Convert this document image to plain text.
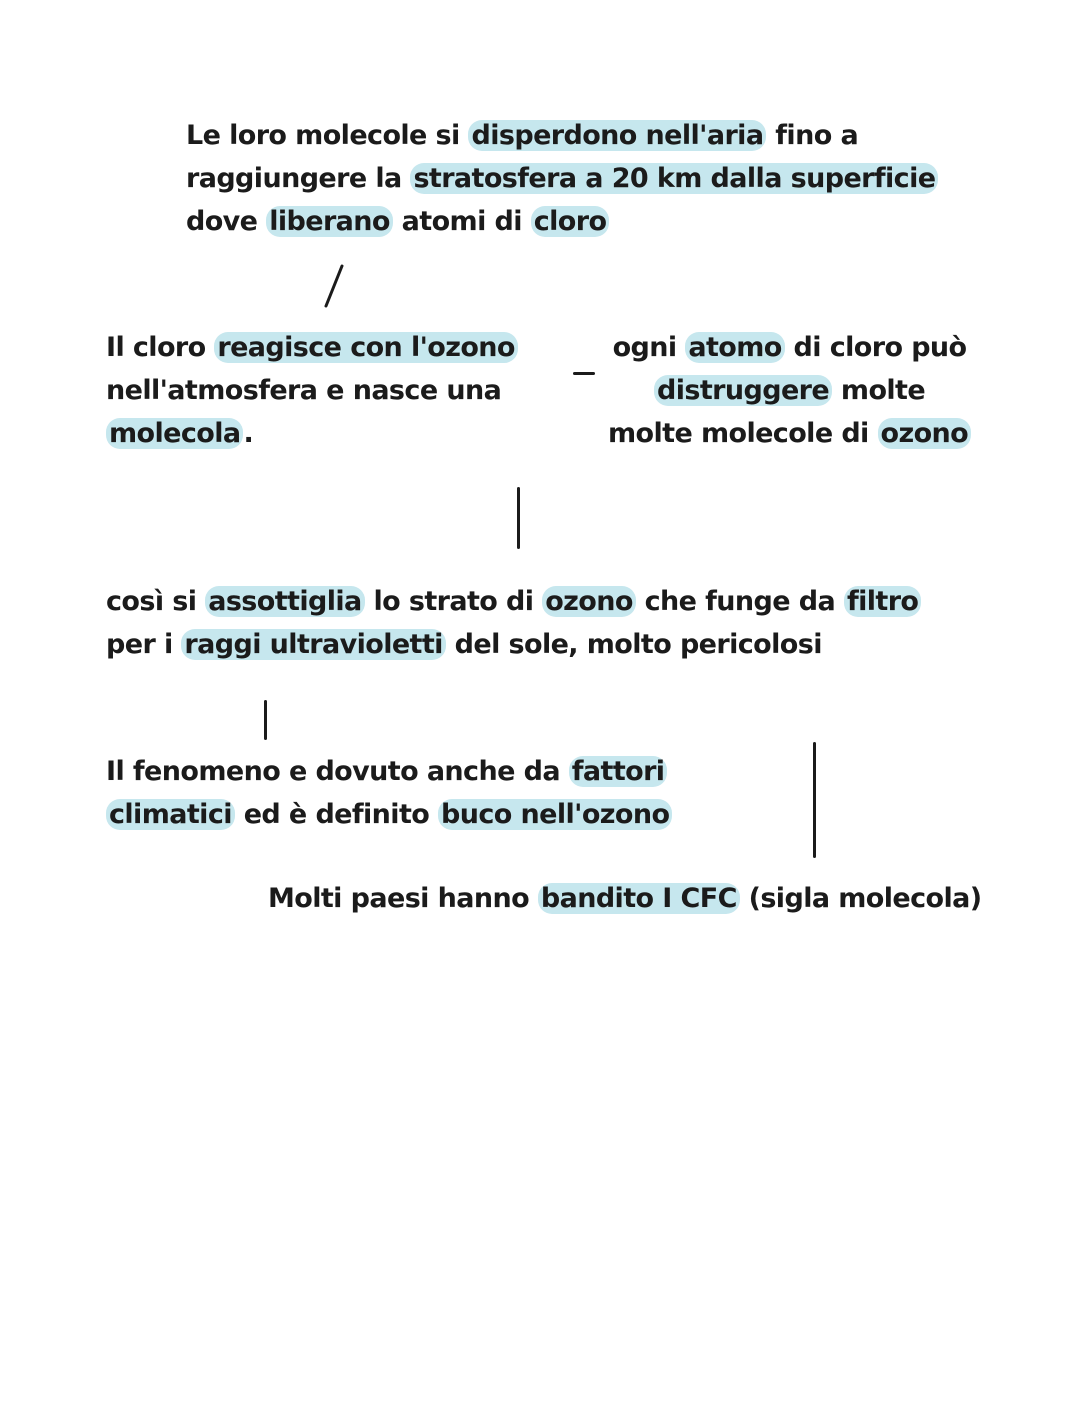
Le loro molecole si disperdono nell'aria fino a
raggiungere la stratosfera a 20 km dalla superficie
dove liberano atomi di cloro
Il cloro reagisce con l'ozono
nell'atmosfera e nasce una
molecola .
ogni atomo di cloro può
distruggere molte
molte molecole di ozono
così si assottiglia lo strato di ozono che funge da filtro
per i raggi ultravioletti del sole, molto pericolosi
Il fenomeno e dovuto anche da fattori
climatici ed è definito buco nell'ozono
Molti paesi hanno bandito I CFC (sigla molecola)
